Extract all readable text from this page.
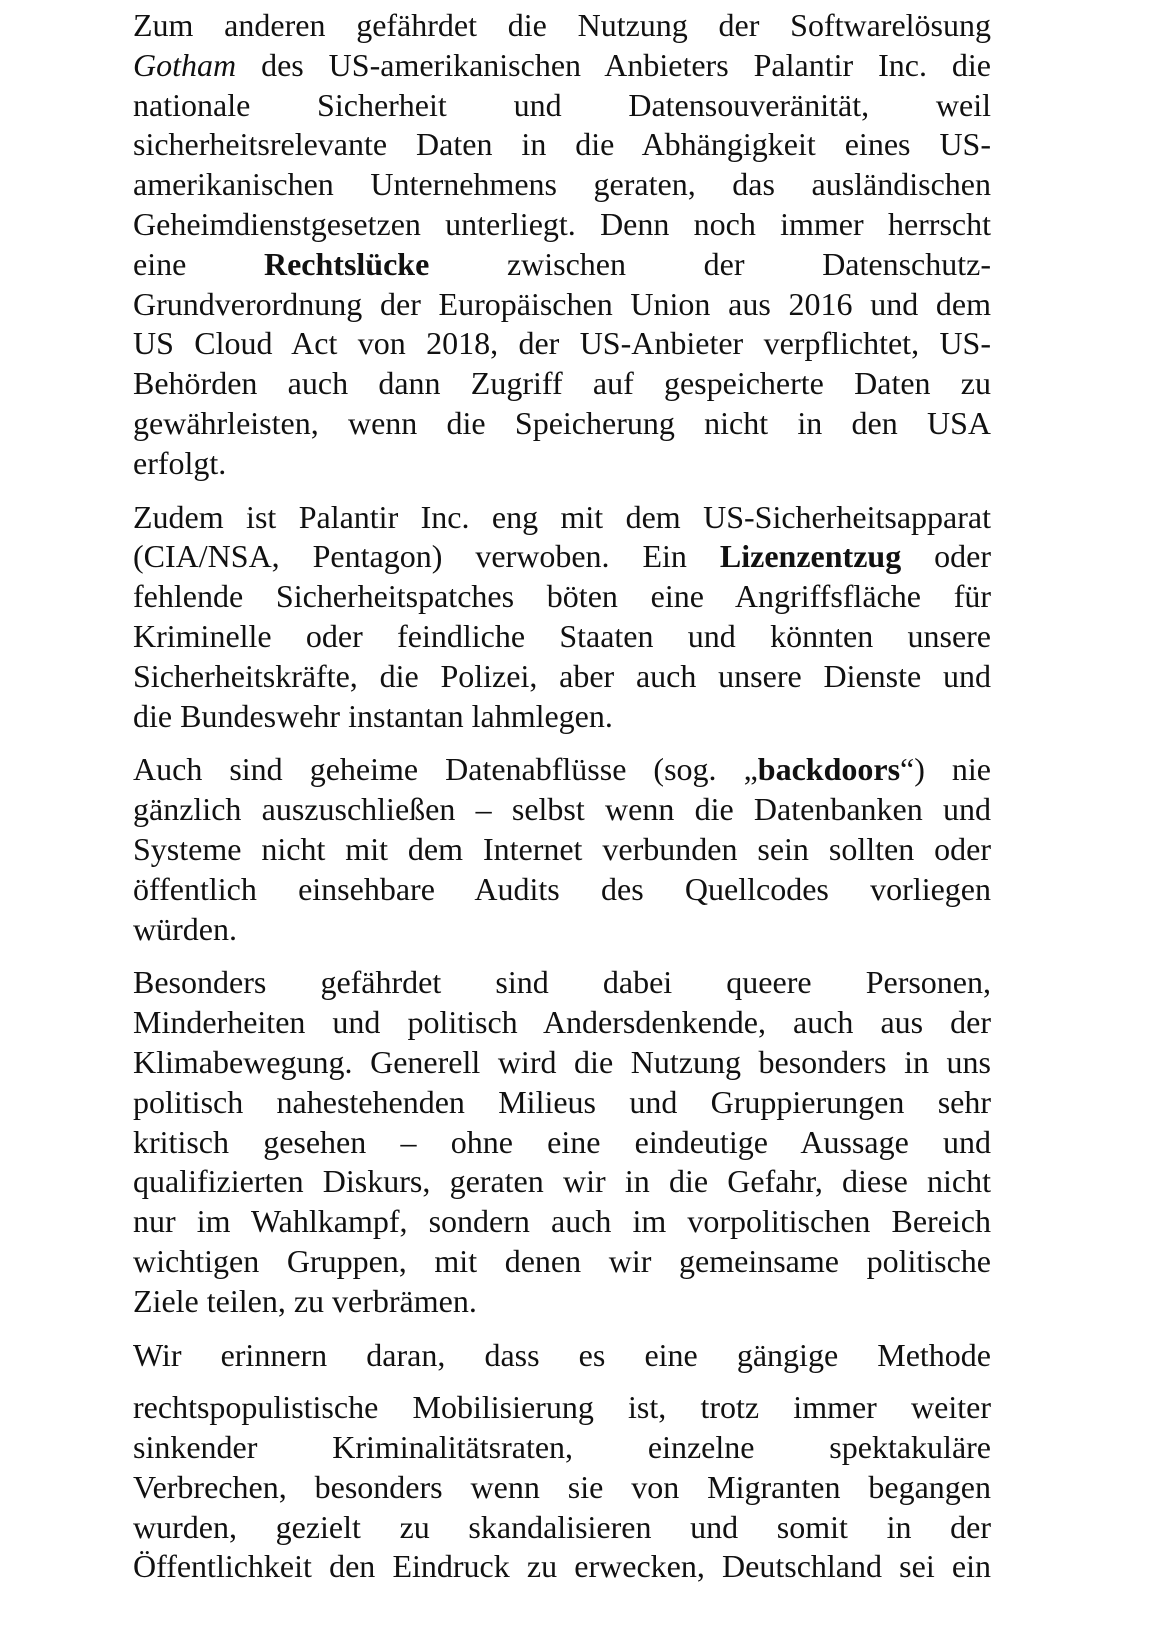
Zum anderen gefährdet die Nutzung der Softwarelösung
Gotham des US-amerikanischen Anbieters Palantir Inc. die
nationale Sicherheit und Datensouveränität, weil
sicherheitsrelevante Daten in die Abhängigkeit eines US-
amerikanischen Unternehmens geraten, das ausländischen
Geheimdienstgesetzen unterliegt. Denn noch immer herrscht
eine Rechtslücke zwischen der Datenschutz-
Grundverordnung der Europäischen Union aus 2016 und dem
US Cloud Act von 2018, der US-Anbieter verpflichtet, US-
Behörden auch dann Zugriff auf gespeicherte Daten zu
gewährleisten, wenn die Speicherung nicht in den USA
erfolgt.
Zudem ist Palantir Inc. eng mit dem US-Sicherheitsapparat
(CIA/NSA, Pentagon) verwoben. Ein Lizenzentzug oder
fehlende Sicherheitspatches böten eine Angriffsfläche für
Kriminelle oder feindliche Staaten und könnten unsere
Sicherheitskräfte, die Polizei, aber auch unsere Dienste und
die Bundeswehr instantan lahmlegen.
Auch sind geheime Datenabflüsse (sog. „backdoors“) nie
gänzlich auszuschließen – selbst wenn die Datenbanken und
Systeme nicht mit dem Internet verbunden sein sollten oder
öffentlich einsehbare Audits des Quellcodes vorliegen
würden.
Besonders gefährdet sind dabei queere Personen,
Minderheiten und politisch Andersdenkende, auch aus der
Klimabewegung. Generell wird die Nutzung besonders in uns
politisch nahestehenden Milieus und Gruppierungen sehr
kritisch gesehen – ohne eine eindeutige Aussage und
qualifizierten Diskurs, geraten wir in die Gefahr, diese nicht
nur im Wahlkampf, sondern auch im vorpolitischen Bereich
wichtigen Gruppen, mit denen wir gemeinsame politische
Ziele teilen, zu verbrämen.
Wir erinnern daran, dass es eine gängige Methode
rechtspopulistische Mobilisierung ist, trotz immer weiter
sinkender Kriminalitätsraten, einzelne spektakuläre
Verbrechen, besonders wenn sie von Migranten begangen
wurden, gezielt zu skandalisieren und somit in der
Öffentlichkeit den Eindruck zu erwecken, Deutschland sei ein
